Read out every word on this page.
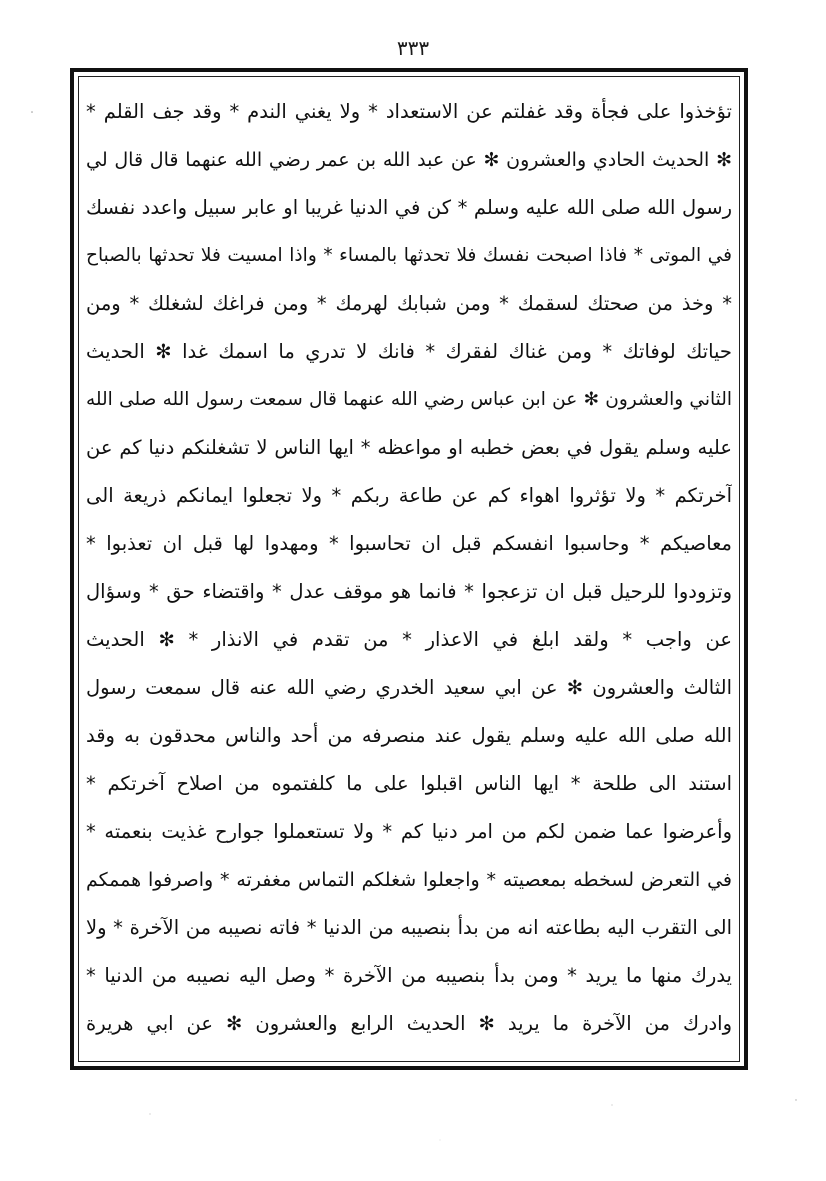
٣٣٣
تؤخذوا على فجأة وقد غفلتم عن الاستعداد * ولا يغني الندم * وقد جف القلم *
✻ الحديث الحادي والعشرون ✻ عن عبد الله بن عمر رضي الله عنهما قال قال لي
رسول الله صلى الله عليه وسلم * كن في الدنيا غريبا او عابر سبيل واعدد نفسك
في الموتى * فاذا اصبحت نفسك فلا تحدثها بالمساء * واذا امسيت فلا تحدثها بالصباح
* وخذ من صحتك لسقمك * ومن شبابك لهرمك * ومن فراغك لشغلك * ومن
حياتك لوفاتك * ومن غناك لفقرك * فانك لا تدري ما اسمك غدا ✻ الحديث
الثاني والعشرون ✻ عن ابن عباس رضي الله عنهما قال سمعت رسول الله صلى الله
عليه وسلم يقول في بعض خطبه او مواعظه * ايها الناس لا تشغلنكم دنيا كم عن
آخرتكم * ولا تؤثروا اهواء كم عن طاعة ربكم * ولا تجعلوا ايمانكم ذريعة الى
معاصيكم * وحاسبوا انفسكم قبل ان تحاسبوا * ومهدوا لها قبل ان تعذبوا *
وتزودوا للرحيل قبل ان تزعجوا * فانما هو موقف عدل * واقتضاء حق * وسؤال
عن واجب * ولقد ابلغ في الاعذار * من تقدم في الانذار * ✻ الحديث
الثالث والعشرون ✻ عن ابي سعيد الخدري رضي الله عنه قال سمعت رسول
الله صلى الله عليه وسلم يقول عند منصرفه من أحد والناس محدقون به وقد
استند الى طلحة * ايها الناس اقبلوا على ما كلفتموه من اصلاح آخرتكم *
وأعرضوا عما ضمن لكم من امر دنيا كم * ولا تستعملوا جوارح غذيت بنعمته *
في التعرض لسخطه بمعصيته * واجعلوا شغلكم التماس مغفرته * واصرفوا هممكم
الى التقرب اليه بطاعته انه من بدأ بنصيبه من الدنيا * فاته نصيبه من الآخرة * ولا
يدرك منها ما يريد * ومن بدأ بنصيبه من الآخرة * وصل اليه نصيبه من الدنيا *
وادرك من الآخرة ما يريد ✻ الحديث الرابع والعشرون ✻ عن ابي هريرة
